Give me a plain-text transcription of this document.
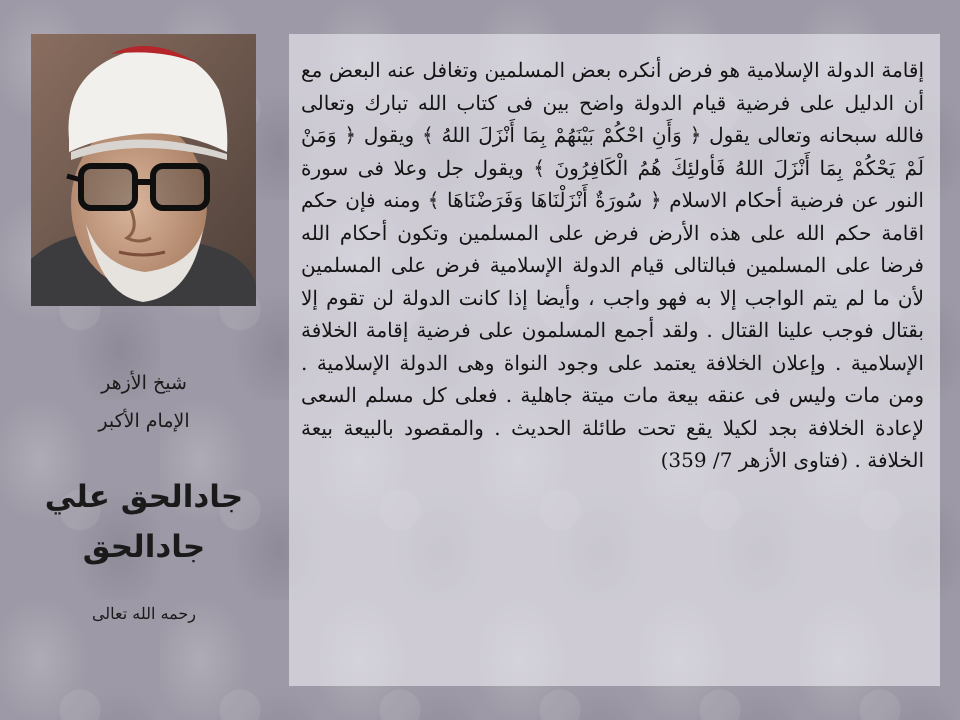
شيخ الأزهر
الإمام الأكبر
جادالحق علي
جادالحق
رحمه الله تعالى

إقامة الدولة الإسلامية هو فرض أنكره بعض المسلمين وتغافل عنه البعض مع أن الدليل على فرضية قيام الدولة واضح بين فى كتاب الله تبارك وتعالى فالله سبحانه وتعالى يقول ﴿ وَأَنِ احْكُمْ بَيْنَهُمْ بِمَا أَنْزَلَ اللهُ ﴾ ويقول ﴿ وَمَنْ لَمْ يَحْكُمْ بِمَا أَنْزَلَ اللهُ فَأولئِكَ هُمُ الْكَافِرُونَ ﴾ ويقول جل وعلا فى سورة النور عن فرضية أحكام الاسلام ﴿ سُورَةٌ أَنْزَلْنَاهَا وَفَرَضْنَاهَا ﴾ ومنه فإن حكم اقامة حكم الله على هذه الأرض فرض على المسلمين وتكون أحكام الله فرضا على المسلمين فبالتالى قيام الدولة الإسلامية فرض على المسلمين لأن ما لم يتم الواجب إلا به فهو واجب ، وأيضا إذا كانت الدولة لن تقوم إلا بقتال فوجب علينا القتال . ولقد أجمع المسلمون على فرضية إقامة الخلافة الإسلامية . وإعلان الخلافة يعتمد على وجود النواة وهى الدولة الإسلامية . ومن مات وليس فى عنقه بيعة مات ميتة جاهلية . فعلى كل مسلم السعى لإعادة الخلافة بجد لكيلا يقع تحت طائلة الحديث . والمقصود بالبيعة بيعة الخلافة . (فتاوى الأزهر 7/ 359)
